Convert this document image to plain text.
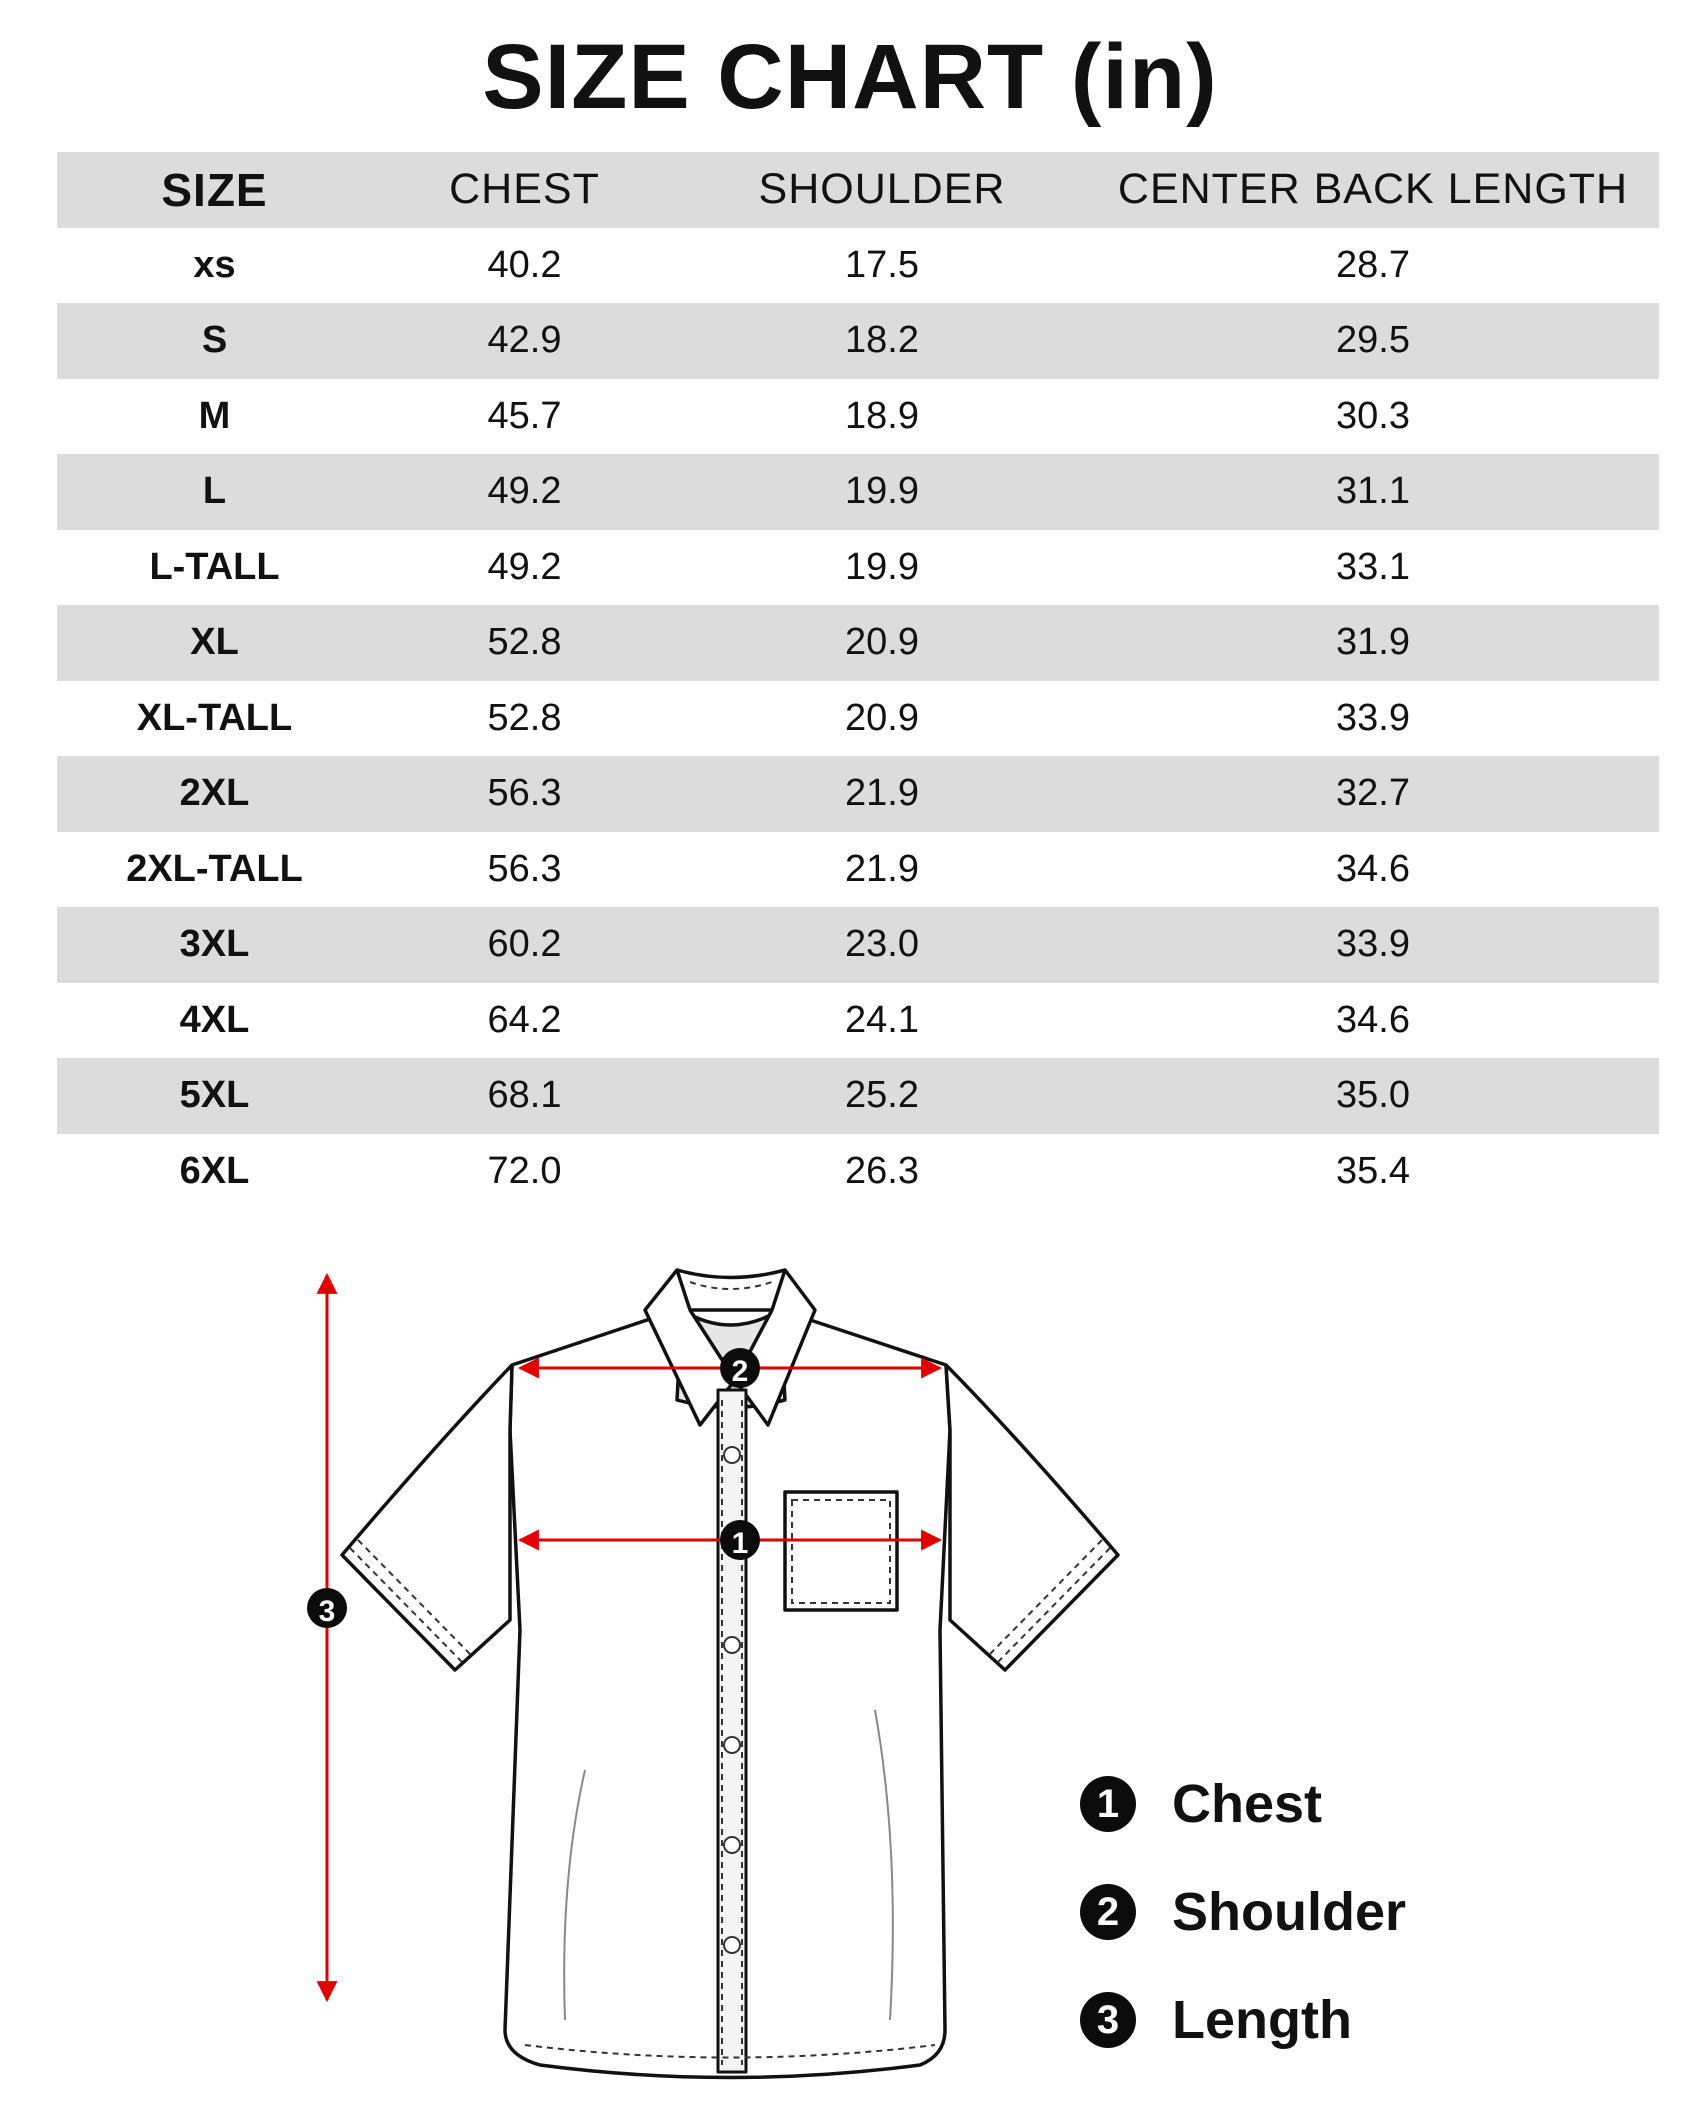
SIZE CHART (in)
SIZE	CHEST	SHOULDER	CENTER BACK LENGTH
xs	40.2	17.5	28.7
S	42.9	18.2	29.5
M	45.7	18.9	30.3
L	49.2	19.9	31.1
L-TALL	49.2	19.9	33.1
XL	52.8	20.9	31.9
XL-TALL	52.8	20.9	33.9
2XL	56.3	21.9	32.7
2XL-TALL	56.3	21.9	34.6
3XL	60.2	23.0	33.9
4XL	64.2	24.1	34.6
5XL	68.1	25.2	35.0
6XL	72.0	26.3	35.4
2
1
3
1 Chest
2 Shoulder
3 Length
